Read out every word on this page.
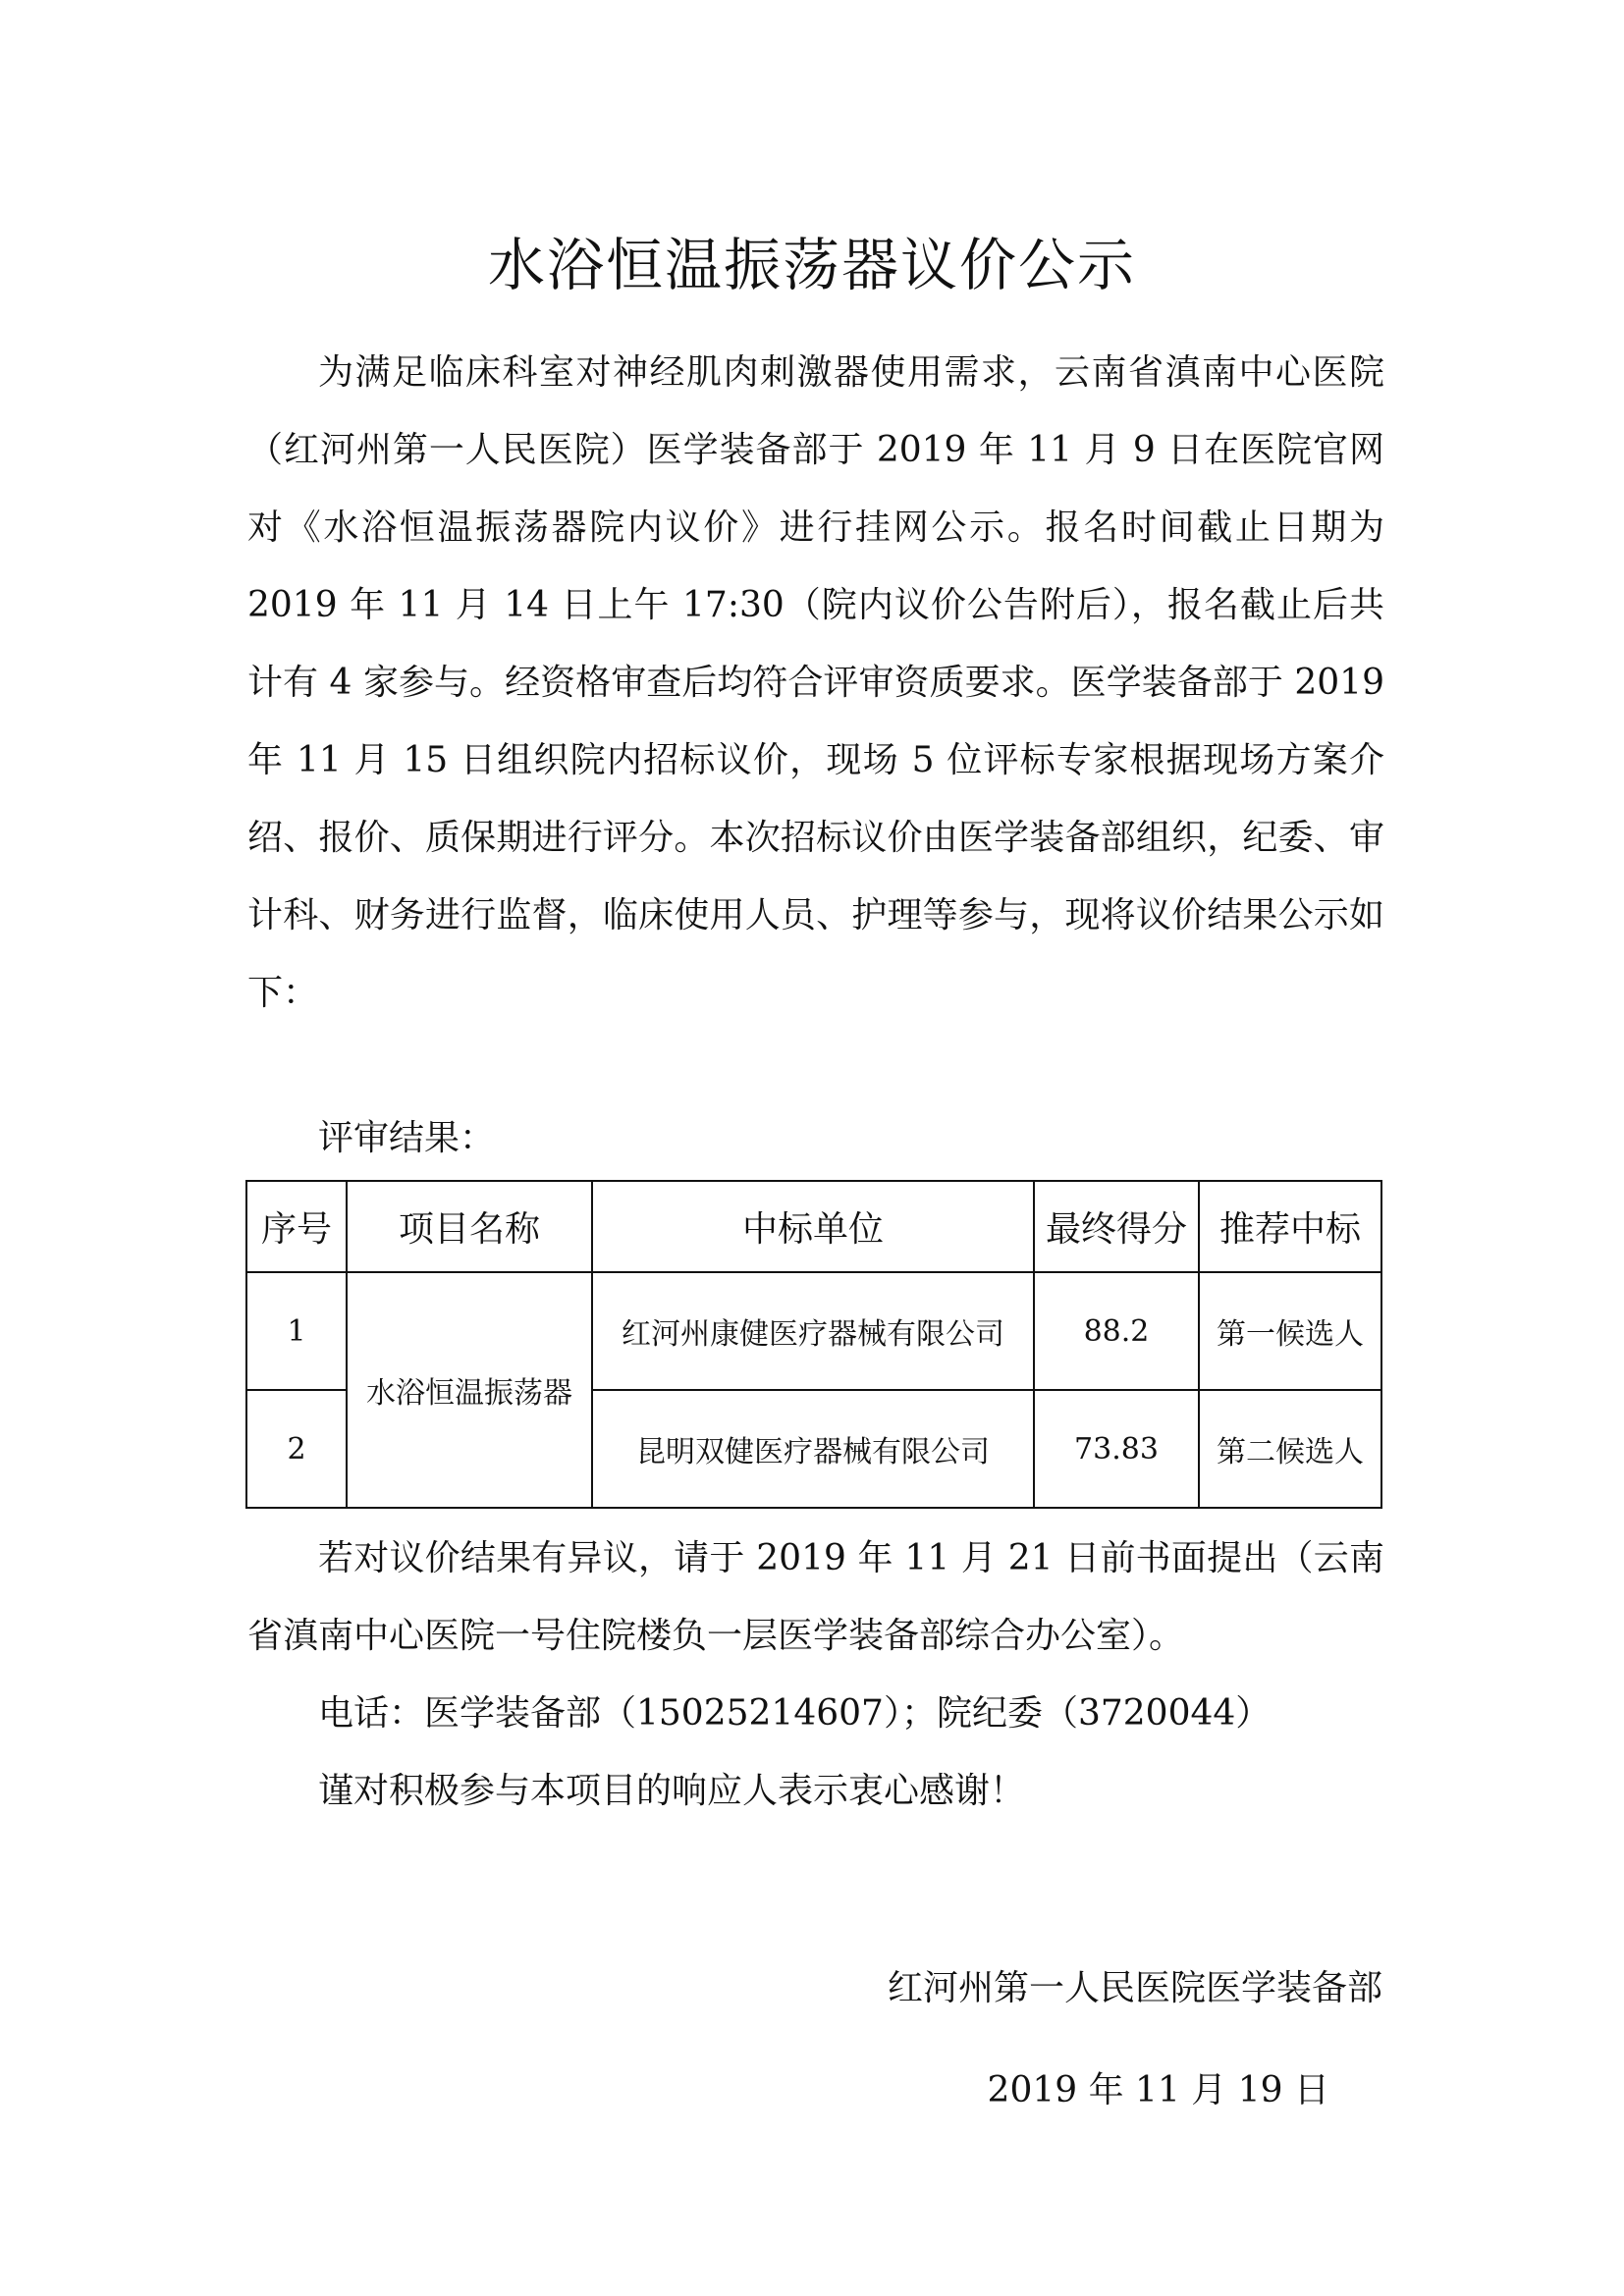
水浴恒温振荡器议价公示

为满足临床科室对神经肌肉刺激器使用需求，云南省滇南中心医院（红河州第一人民医院）医学装备部于 2019 年 11 月 9 日在医院官网对《水浴恒温振荡器院内议价》进行挂网公示。报名时间截止日期为 2019 年 11 月 14 日上午 17:30（院内议价公告附后），报名截止后共计有 4 家参与。经资格审查后均符合评审资质要求。医学装备部于 2019 年 11 月 15 日组织院内招标议价，现场 5 位评标专家根据现场方案介绍、报价、质保期进行评分。本次招标议价由医学装备部组织，纪委、审计科、财务进行监督，临床使用人员、护理等参与，现将议价结果公示如下：

评审结果：
序号	项目名称	中标单位	最终得分	推荐中标
1	水浴恒温振荡器	红河州康健医疗器械有限公司	88.2	第一候选人
2		昆明双健医疗器械有限公司	73.83	第二候选人

若对议价结果有异议，请于 2019 年 11 月 21 日前书面提出（云南省滇南中心医院一号住院楼负一层医学装备部综合办公室）。

电话：医学装备部（15025214607）；院纪委（3720044）

谨对积极参与本项目的响应人表示衷心感谢！

红河州第一人民医院医学装备部
2019 年 11 月 19 日
